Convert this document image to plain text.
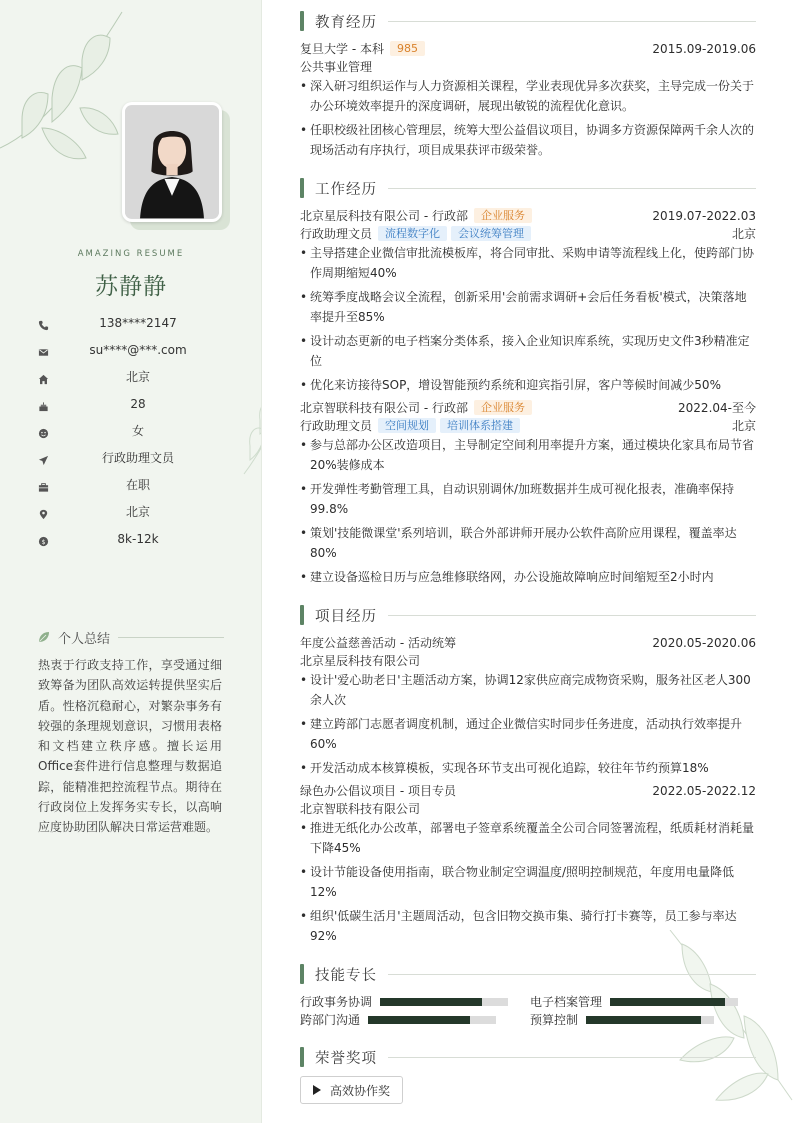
AMAZING RESUME
苏静静
138****2147
su****@***.com
北京
28
女
行政助理文员
在职
北京
$	8k-12k
个人总结
热衷于行政支持工作，享受通过细致筹备为团队高效运转提供坚实后盾。性格沉稳耐心，对繁杂事务有较强的条理规划意识，习惯用表格和文档建立秩序感。擅长运用Office套件进行信息整理与数据追踪，能精准把控流程节点。期待在行政岗位上发挥务实专长，以高响应度协助团队解决日常运营难题。
教育经历
复旦大学 - 本科 985	2015.09-2019.06
公共事业管理
• 深入研习组织运作与人力资源相关课程，学业表现优异多次获奖，主导完成一份关于办公环境效率提升的深度调研，展现出敏锐的流程优化意识。
• 任职校级社团核心管理层，统筹大型公益倡议项目，协调多方资源保障两千余人次的现场活动有序执行，项目成果获评市级荣誉。
工作经历
北京星辰科技有限公司 - 行政部 企业服务	2019.07-2022.03
行政助理文员 流程数字化 会议统筹管理	北京
• 主导搭建企业微信审批流模板库，将合同审批、采购申请等流程线上化，使跨部门协作周期缩短40%
• 统筹季度战略会议全流程，创新采用'会前需求调研+会后任务看板'模式，决策落地率提升至85%
• 设计动态更新的电子档案分类体系，接入企业知识库系统，实现历史文件3秒精准定位
• 优化来访接待SOP，增设智能预约系统和迎宾指引屏，客户等候时间减少50%
北京智联科技有限公司 - 行政部 企业服务	2022.04-至今
行政助理文员 空间规划 培训体系搭建	北京
• 参与总部办公区改造项目，主导制定空间利用率提升方案，通过模块化家具布局节省20%装修成本
• 开发弹性考勤管理工具，自动识别调休/加班数据并生成可视化报表，准确率保持99.8%
• 策划'技能微课堂'系列培训，联合外部讲师开展办公软件高阶应用课程，覆盖率达80%
• 建立设备巡检日历与应急维修联络网，办公设施故障响应时间缩短至2小时内
项目经历
年度公益慈善活动 - 活动统筹	2020.05-2020.06
北京星辰科技有限公司
• 设计'爱心助老日'主题活动方案，协调12家供应商完成物资采购，服务社区老人300余人次
• 建立跨部门志愿者调度机制，通过企业微信实时同步任务进度，活动执行效率提升60%
• 开发活动成本核算模板，实现各环节支出可视化追踪，较往年节约预算18%
绿色办公倡议项目 - 项目专员	2022.05-2022.12
北京智联科技有限公司
• 推进无纸化办公改革，部署电子签章系统覆盖全公司合同签署流程，纸质耗材消耗量下降45%
• 设计节能设备使用指南，联合物业制定空调温度/照明控制规范，年度用电量降低12%
• 组织'低碳生活月'主题周活动，包含旧物交换市集、骑行打卡赛等，员工参与率达92%
技能专长
行政事务协调	电子档案管理
跨部门沟通	预算控制
荣誉奖项
高效协作奖
